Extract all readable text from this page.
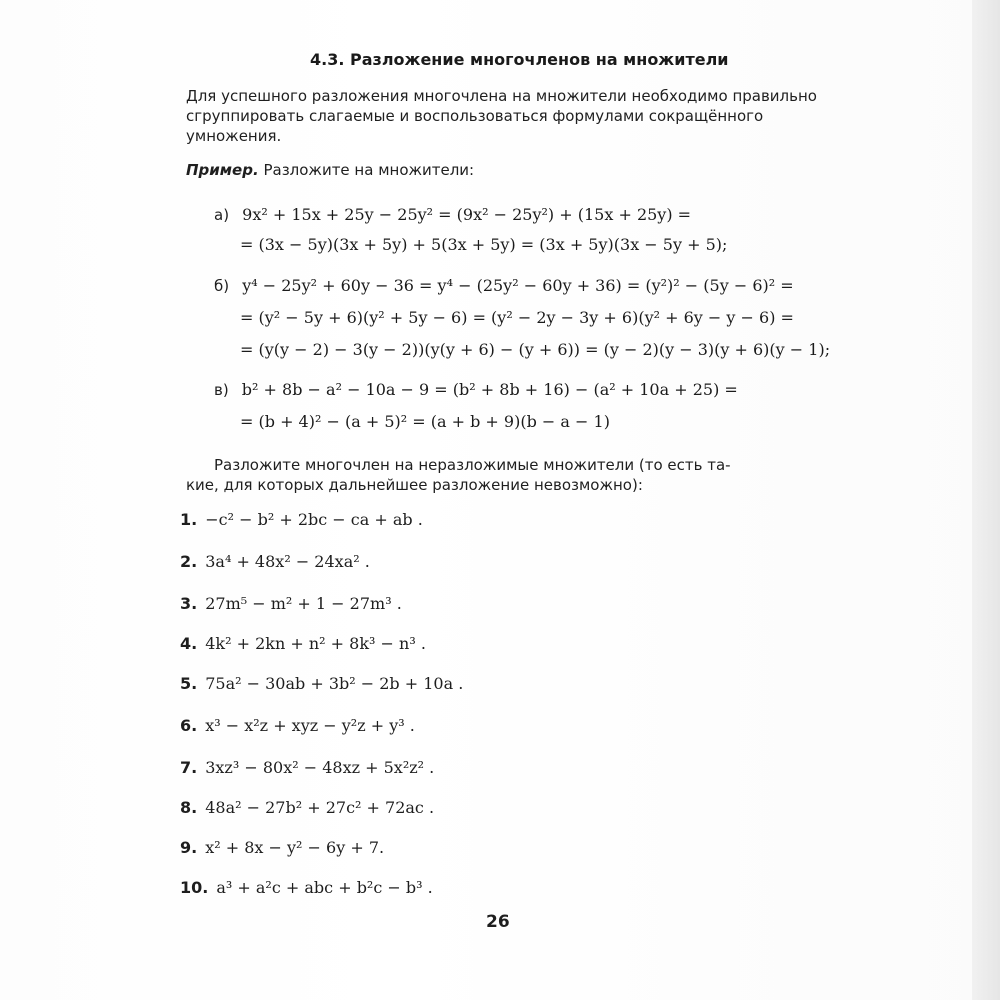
4.3. Разложение многочленов на множители
Для успешного разложения многочлена на множители необходимо правильно сгруппировать слагаемые и воспользоваться формулами сокращённого умножения.
Пример. Разложите на множители:
а) 9x² + 15x + 25y − 25y² = (9x² − 25y²) + (15x + 25y) =
= (3x − 5y)(3x + 5y) + 5(3x + 5y) = (3x + 5y)(3x − 5y + 5);
б) y⁴ − 25y² + 60y − 36 = y⁴ − (25y² − 60y + 36) = (y²)² − (5y − 6)² =
= (y² − 5y + 6)(y² + 5y − 6) = (y² − 2y − 3y + 6)(y² + 6y − y − 6) =
= (y(y − 2) − 3(y − 2))(y(y + 6) − (y + 6)) = (y − 2)(y − 3)(y + 6)(y − 1);
в) b² + 8b − a² − 10a − 9 = (b² + 8b + 16) − (a² + 10a + 25) =
= (b + 4)² − (a + 5)² = (a + b + 9)(b − a − 1)
Разложите многочлен на неразложимые множители (то есть та-
кие, для которых дальнейшее разложение невозможно):
1. −c² − b² + 2bc − ca + ab .
2. 3a⁴ + 48x² − 24xa² .
3. 27m⁵ − m² + 1 − 27m³ .
4. 4k² + 2kn + n² + 8k³ − n³ .
5. 75a² − 30ab + 3b² − 2b + 10a .
6. x³ − x²z + xyz − y²z + y³ .
7. 3xz³ − 80x² − 48xz + 5x²z² .
8. 48a² − 27b² + 27c² + 72ac .
9. x² + 8x − y² − 6y + 7.
10. a³ + a²c + abc + b²c − b³ .
26
